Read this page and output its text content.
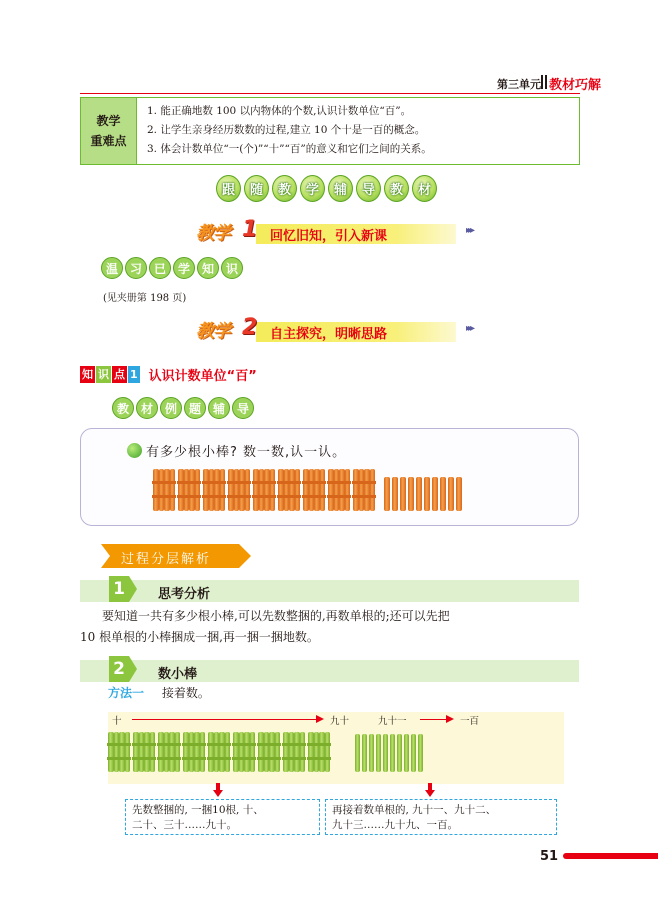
第三单元 教材巧解
教学
重难点
1. 能正确地数 100 以内物体的个数,认识计数单位“百”。
2. 让学生亲身经历数数的过程,建立 10 个十是一百的概念。
3. 体会计数单位“一(个)”“十”“百”的意义和它们之间的关系。
跟	随	教	学	辅	导	教	材
教学 1 回忆旧知，引入新课	▸▸▸
温 习 已 学 知 识
(见夹册第 198 页)
教学 2 自主探究，明晰思路	▸▸▸
知 识 点 1 认识计数单位“百”
教 材 例 题 辅 导
有多少根小棒? 数一数,认一认。
过程分层解析
1	思考分析
要知道一共有多少根小棒,可以先数整捆的,再数单根的;还可以先把
10 根单根的小棒捆成一捆,再一捆一捆地数。
2	数小棒
方法一 接着数。
十	九十	九十一	一百
先数整捆的, 一捆10根, 十、
二十、三十……九十。
再接着数单根的, 九十一、九十二、
九十三……九十九、一百。
51
